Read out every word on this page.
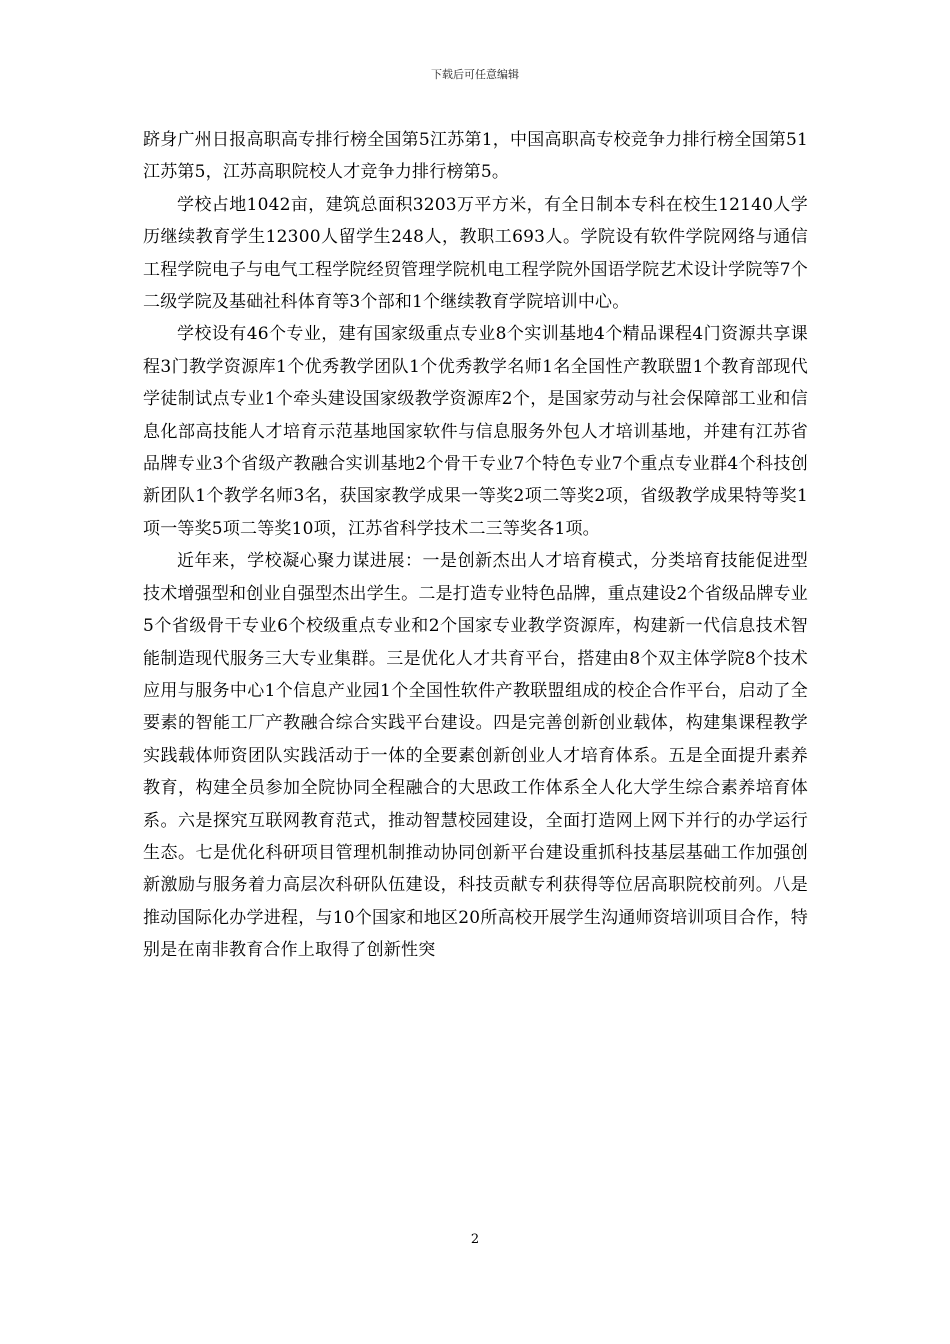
下载后可任意编辑

跻身广州日报高职高专排行榜全国第5江苏第1，中国高职高专校竞争力排行榜全国第51江苏第5，江苏高职院校人才竞争力排行榜第5。

学校占地1042亩，建筑总面积3203万平方米，有全日制本专科在校生12140人学历继续教育学生12300人留学生248人，教职工693人。学院设有软件学院网络与通信工程学院电子与电气工程学院经贸管理学院机电工程学院外国语学院艺术设计学院等7个二级学院及基础社科体育等3个部和1个继续教育学院培训中心。

学校设有46个专业，建有国家级重点专业8个实训基地4个精品课程4门资源共享课程3门教学资源库1个优秀教学团队1个优秀教学名师1名全国性产教联盟1个教育部现代学徒制试点专业1个牵头建设国家级教学资源库2个，是国家劳动与社会保障部工业和信息化部高技能人才培育示范基地国家软件与信息服务外包人才培训基地，并建有江苏省品牌专业3个省级产教融合实训基地2个骨干专业7个特色专业7个重点专业群4个科技创新团队1个教学名师3名，获国家教学成果一等奖2项二等奖2项，省级教学成果特等奖1项一等奖5项二等奖10项，江苏省科学技术二三等奖各1项。

近年来，学校凝心聚力谋进展：一是创新杰出人才培育模式，分类培育技能促进型技术增强型和创业自强型杰出学生。二是打造专业特色品牌，重点建设2个省级品牌专业5个省级骨干专业6个校级重点专业和2个国家专业教学资源库，构建新一代信息技术智能制造现代服务三大专业集群。三是优化人才共育平台，搭建由8个双主体学院8个技术应用与服务中心1个信息产业园1个全国性软件产教联盟组成的校企合作平台，启动了全要素的智能工厂产教融合综合实践平台建设。四是完善创新创业载体，构建集课程教学实践载体师资团队实践活动于一体的全要素创新创业人才培育体系。五是全面提升素养教育，构建全员参加全院协同全程融合的大思政工作体系全人化大学生综合素养培育体系。六是探究互联网教育范式，推动智慧校园建设，全面打造网上网下并行的办学运行生态。七是优化科研项目管理机制推动协同创新平台建设重抓科技基层基础工作加强创新激励与服务着力高层次科研队伍建设，科技贡献专利获得等位居高职院校前列。八是推动国际化办学进程，与10个国家和地区20所高校开展学生沟通师资培训项目合作，特别是在南非教育合作上取得了创新性突

2
